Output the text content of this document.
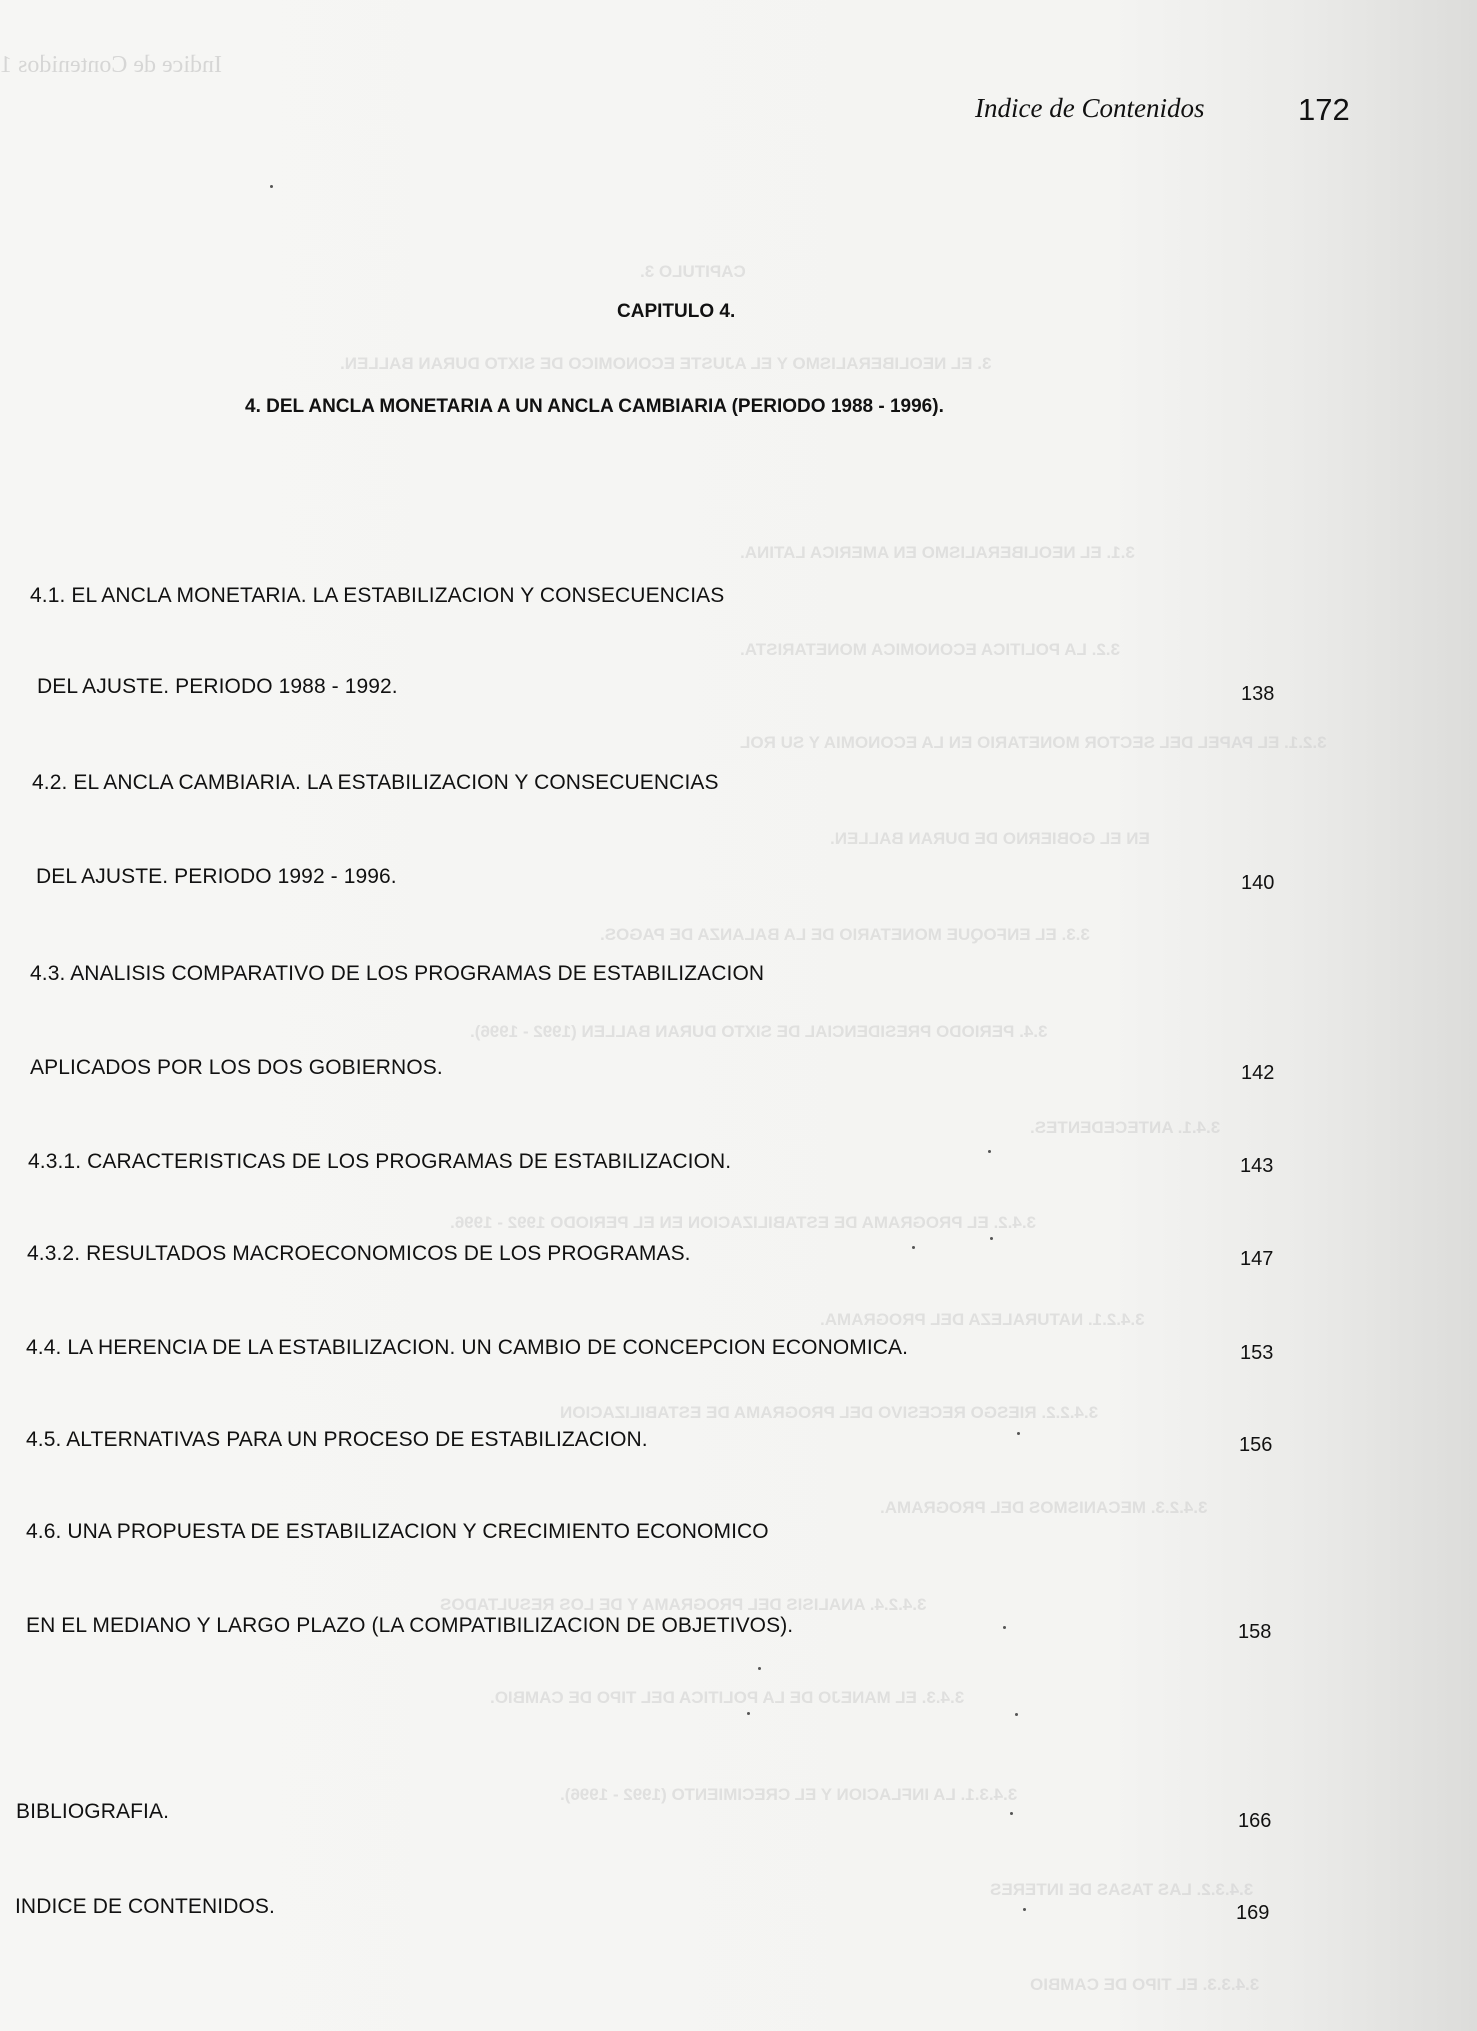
Indice de Contenidos 1
CAPITULO 3.
3. EL NEOLIBERALISMO Y EL AJUSTE ECONOMICO DE SIXTO DURAN BALLEN.
3.1. EL NEOLIBERALISMO EN AMERICA LATINA.
3.2. LA POLITICA ECONOMICA MONETARISTA.
3.2.1. EL PAPEL DEL SECTOR MONETARIO EN LA ECONOMIA Y SU ROL
EN EL GOBIERNO DE DURAN BALLEN.
3.3. EL ENFOQUE MONETARIO DE LA BALANZA DE PAGOS.
3.4. PERIODO PRESIDENCIAL DE SIXTO DURAN BALLEN (1992 - 1996).
3.4.1. ANTECEDENTES.
3.4.2. EL PROGRAMA DE ESTABILIZACION EN EL PERIODO 1992 - 1996.
3.4.2.1. NATURALEZA DEL PROGRAMA.
3.4.2.2. RIESGO RECESIVO DEL PROGRAMA DE ESTABILIZACION
3.4.2.3. MECANISMOS DEL PROGRAMA.
3.4.2.4. ANALISIS DEL PROGRAMA Y DE LOS RESULTADOS
3.4.3. EL MANEJO DE LA POLITICA DEL TIPO DE CAMBIO.
3.4.3.1. LA INFLACION Y EL CRECIMIENTO (1992 - 1996).
3.4.3.2. LAS TASAS DE INTERES
3.4.3.3. EL TIPO DE CAMBIO
Indice de Contenidos	172
CAPITULO 4.
4. DEL ANCLA MONETARIA A UN ANCLA CAMBIARIA (PERIODO 1988 - 1996).
4.1. EL ANCLA MONETARIA. LA ESTABILIZACION Y CONSECUENCIAS
DEL AJUSTE. PERIODO 1988 - 1992.	138
4.2. EL ANCLA CAMBIARIA. LA ESTABILIZACION Y CONSECUENCIAS
DEL AJUSTE. PERIODO 1992 - 1996.	140
4.3. ANALISIS COMPARATIVO DE LOS PROGRAMAS DE ESTABILIZACION
APLICADOS POR LOS DOS GOBIERNOS.	142
4.3.1. CARACTERISTICAS DE LOS PROGRAMAS DE ESTABILIZACION.	143
4.3.2. RESULTADOS MACROECONOMICOS DE LOS PROGRAMAS.	147
4.4. LA HERENCIA DE LA ESTABILIZACION. UN CAMBIO DE CONCEPCION ECONOMICA.	153
4.5. ALTERNATIVAS PARA UN PROCESO DE ESTABILIZACION.	156
4.6. UNA PROPUESTA DE ESTABILIZACION Y CRECIMIENTO ECONOMICO
EN EL MEDIANO Y LARGO PLAZO (LA COMPATIBILIZACION DE OBJETIVOS).	158
BIBLIOGRAFIA.	166
INDICE DE CONTENIDOS.	169
